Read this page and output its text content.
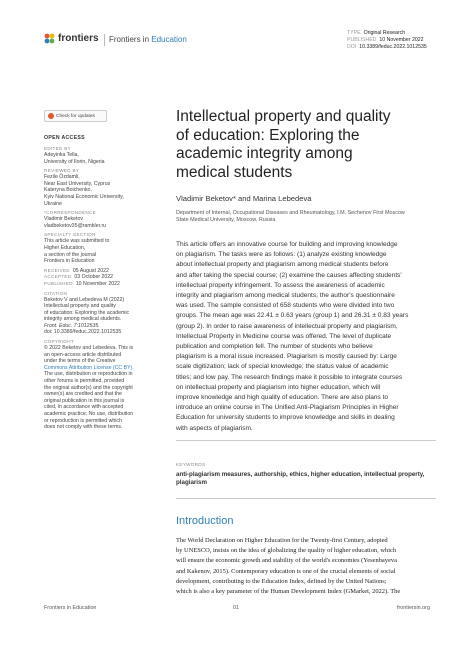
frontiers Frontiers in Education
TYPE Original Research
PUBLISHED 10 November 2022
DOI 10.3389/feduc.2022.1012535
Check for updates
OPEN ACCESS
EDITED BY
Adeyinka Tella,
University of Ilorin, Nigeria
REVIEWED BY
Fezile Özdamli,
Near East University, Cyprus
Kateryna Boichenko,
Kyiv National Economic University,
Ukraine
*CORRESPONDENCE
Vladimir Beketov
vladbeketov35@rambler.ru
SPECIALTY SECTION
This article was submitted to
Higher Education,
a section of the journal
Frontiers in Education
RECEIVED 05 August 2022
ACCEPTED 03 October 2022
PUBLISHED 10 November 2022
CITATION
Beketov V and Lebedeva M (2022)
Intellectual property and quality
of education: Exploring the academic
integrity among medical students.
Front. Educ. 7:1012535.
doi: 10.3389/feduc.2022.1012535
COPYRIGHT
© 2022 Beketov and Lebedeva. This is
an open-access article distributed
under the terms of the Creative
Commons Attribution License (CC BY).
The use, distribution or reproduction in
other forums is permitted, provided
the original author(s) and the copyright
owner(s) are credited and that the
original publication in this journal is
cited, in accordance with accepted
academic practice. No use, distribution
or reproduction is permitted which
does not comply with these terms.
Intellectual property and quality
of education: Exploring the
academic integrity among
medical students
Vladimir Beketov* and Marina Lebedeva
Department of Internal, Occupational Diseases and Rheumatology, I.M. Sechenov First Moscow
State Medical University, Moscow, Russia
This article offers an innovative course for building and improving knowledge
on plagiarism. The tasks were as follows: (1) analyze existing knowledge
about intellectual property and plagiarism among medical students before
and after taking the special course; (2) examine the causes affecting students'
intellectual property infringement. To assess the awareness of academic
integrity and plagiarism among medical students, the author's questionnaire
was used. The sample consisted of 658 students who were divided into two
groups. The mean age was 22.41 ± 0.63 years (group 1) and 26.31 ± 0.83 years
(group 2). In order to raise awareness of intellectual property and plagiarism,
Intellectual Property in Medicine course was offered. The level of duplicate
publication and completion fell. The number of students who believe
plagiarism is a moral issue increased. Plagiarism is mostly caused by: Large
scale digitization; lack of special knowledge; the status value of academic
titles; and low pay. The research findings make it possible to integrate courses
on intellectual property and plagiarism into higher education, which will
improve knowledge and high quality of education. There are also plans to
introduce an online course in The Unified Anti-Plagiarism Principles in Higher
Education for university students to improve knowledge and skills in dealing
with aspects of plagiarism.
KEYWORDS
anti-plagiarism measures, authorship, ethics, higher education, intellectual property,
plagiarism
Introduction
The World Declaration on Higher Education for the Twenty-first Century, adopted
by UNESCO, insists on the idea of globalizing the quality of higher education, which
will ensure the economic growth and stability of the world's economies (Yesenbayeva
and Kakenov, 2015). Contemporary education is one of the crucial elements of social
development, contributing to the Education Index, defined by the United Nations;
which is also a key parameter of the Human Development Index (GMarket, 2022). The
Frontiers in Education	01	frontiersin.org
